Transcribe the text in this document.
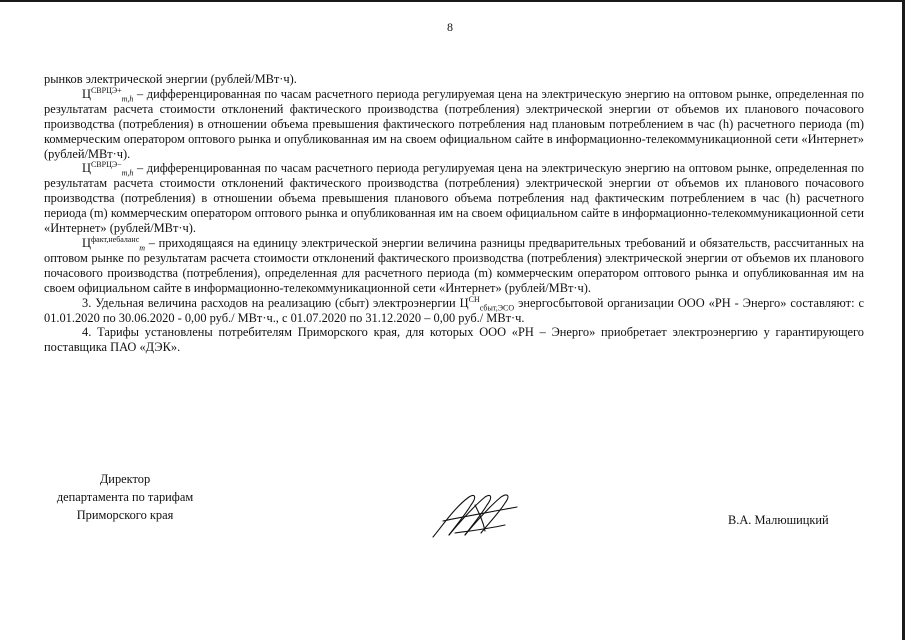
8

рынков электрической энергии (рублей/МВт·ч).

$Ц^{СВРЦЭ+}_{m,h}$ – дифференцированная по часам расчетного периода регулируемая цена на электрическую энергию на оптовом рынке, определенная по результатам расчета стоимости отклонений фактического производства (потребления) электрической энергии от объемов их планового почасового производства (потребления) в отношении объема превышения фактического потребления над плановым потреблением в час (h) расчетного периода (m) коммерческим оператором оптового рынка и опубликованная им на своем официальном сайте в информационно-телекоммуникационной сети «Интернет» (рублей/МВт·ч).

$Ц^{СВРЦЭ-}_{m,h}$ – дифференцированная по часам расчетного периода регулируемая цена на электрическую энергию на оптовом рынке, определенная по результатам расчета стоимости отклонений фактического производства (потребления) электрической энергии от объемов их планового почасового производства (потребления) в отношении объема превышения планового объема потребления над фактическим потреблением в час (h) расчетного периода (m) коммерческим оператором оптового рынка и опубликованная им на своем официальном сайте в информационно-телекоммуникационной сети «Интернет» (рублей/МВт·ч).

$Ц^{факт,небаланс}_m$ – приходящаяся на единицу электрической энергии величина разницы предварительных требований и обязательств, рассчитанных на оптовом рынке по результатам расчета стоимости отклонений фактического производства (потребления) электрической энергии от объемов их планового почасового производства (потребления), определенная для расчетного периода (m) коммерческим оператором оптового рынка и опубликованная им на своем официальном сайте в информационно-телекоммуникационной сети «Интернет» (рублей/МВт·ч).

3. Удельная величина расходов на реализацию (сбыт) электроэнергии $Ц^{СН}_{сбыт,ЭСО}$ энергосбытовой организации ООО «РН - Энерго» составляют: с 01.01.2020 по 30.06.2020 - 0,00 руб./ МВт·ч., с 01.07.2020 по 31.12.2020 – 0,00 руб./ МВт·ч.

4. Тарифы установлены потребителям Приморского края, для которых ООО «РН – Энерго» приобретает электроэнергию у гарантирующего поставщика ПАО «ДЭК».

Директор
департамента по тарифам
Приморского края	В.А. Малюшицкий
